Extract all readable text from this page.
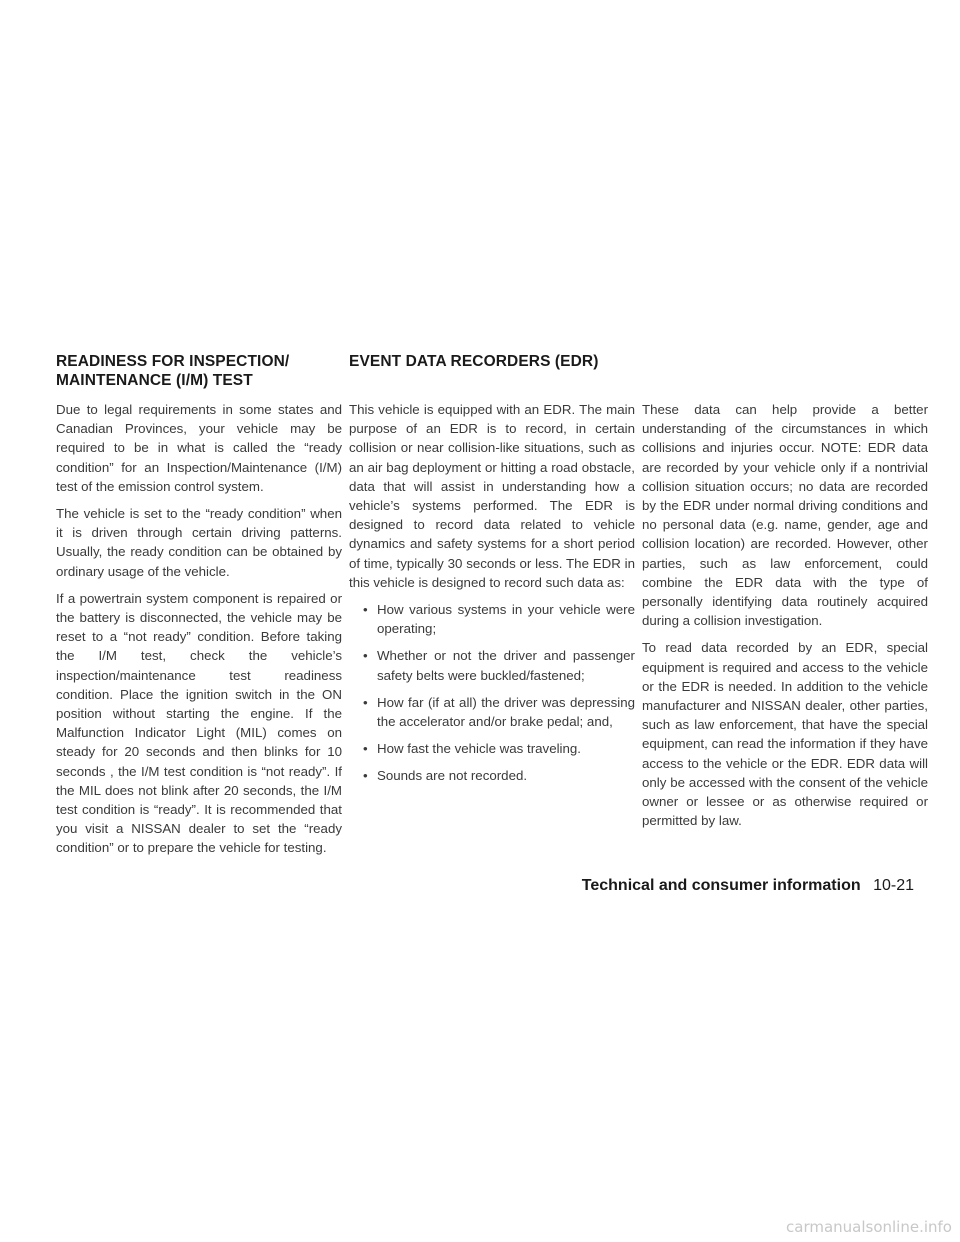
READINESS FOR INSPECTION/
MAINTENANCE (I/M) TEST
EVENT DATA RECORDERS (EDR)

Due to legal requirements in some states and Canadian Provinces, your vehicle may be required to be in what is called the “ready condition” for an Inspection/Maintenance (I/M) test of the emission control system.

The vehicle is set to the “ready condition” when it is driven through certain driving patterns. Usually, the ready condition can be obtained by ordinary usage of the vehicle.

If a powertrain system component is repaired or the battery is disconnected, the vehicle may be reset to a “not ready” condition. Before taking the I/M test, check the vehicle’s inspection/maintenance test readiness condition. Place the ignition switch in the ON position without starting the engine. If the Malfunction Indicator Light (MIL) comes on steady for 20 seconds and then blinks for 10 seconds , the I/M test condition is “not ready”. If the MIL does not blink after 20 seconds, the I/M test condition is “ready”. It is recommended that you visit a NISSAN dealer to set the “ready condition” or to prepare the vehicle for testing.

This vehicle is equipped with an EDR. The main purpose of an EDR is to record, in certain collision or near collision-like situations, such as an air bag deployment or hitting a road obstacle, data that will assist in understanding how a vehicle’s systems performed. The EDR is designed to record data related to vehicle dynamics and safety systems for a short period of time, typically 30 seconds or less. The EDR in this vehicle is designed to record such data as:

• How various systems in your vehicle were operating;
• Whether or not the driver and passenger safety belts were buckled/fastened;
• How far (if at all) the driver was depressing the accelerator and/or brake pedal; and,
• How fast the vehicle was traveling.
• Sounds are not recorded.

These data can help provide a better understanding of the circumstances in which collisions and injuries occur. NOTE: EDR data are recorded by your vehicle only if a nontrivial collision situation occurs; no data are recorded by the EDR under normal driving conditions and no personal data (e.g. name, gender, age and collision location) are recorded. However, other parties, such as law enforcement, could combine the EDR data with the type of personally identifying data routinely acquired during a collision investigation.

To read data recorded by an EDR, special equipment is required and access to the vehicle or the EDR is needed. In addition to the vehicle manufacturer and NISSAN dealer, other parties, such as law enforcement, that have the special equipment, can read the information if they have access to the vehicle or the EDR. EDR data will only be accessed with the consent of the vehicle owner or lessee or as otherwise required or permitted by law.

Technical and consumer information 10-21
carmanualsonline.info
